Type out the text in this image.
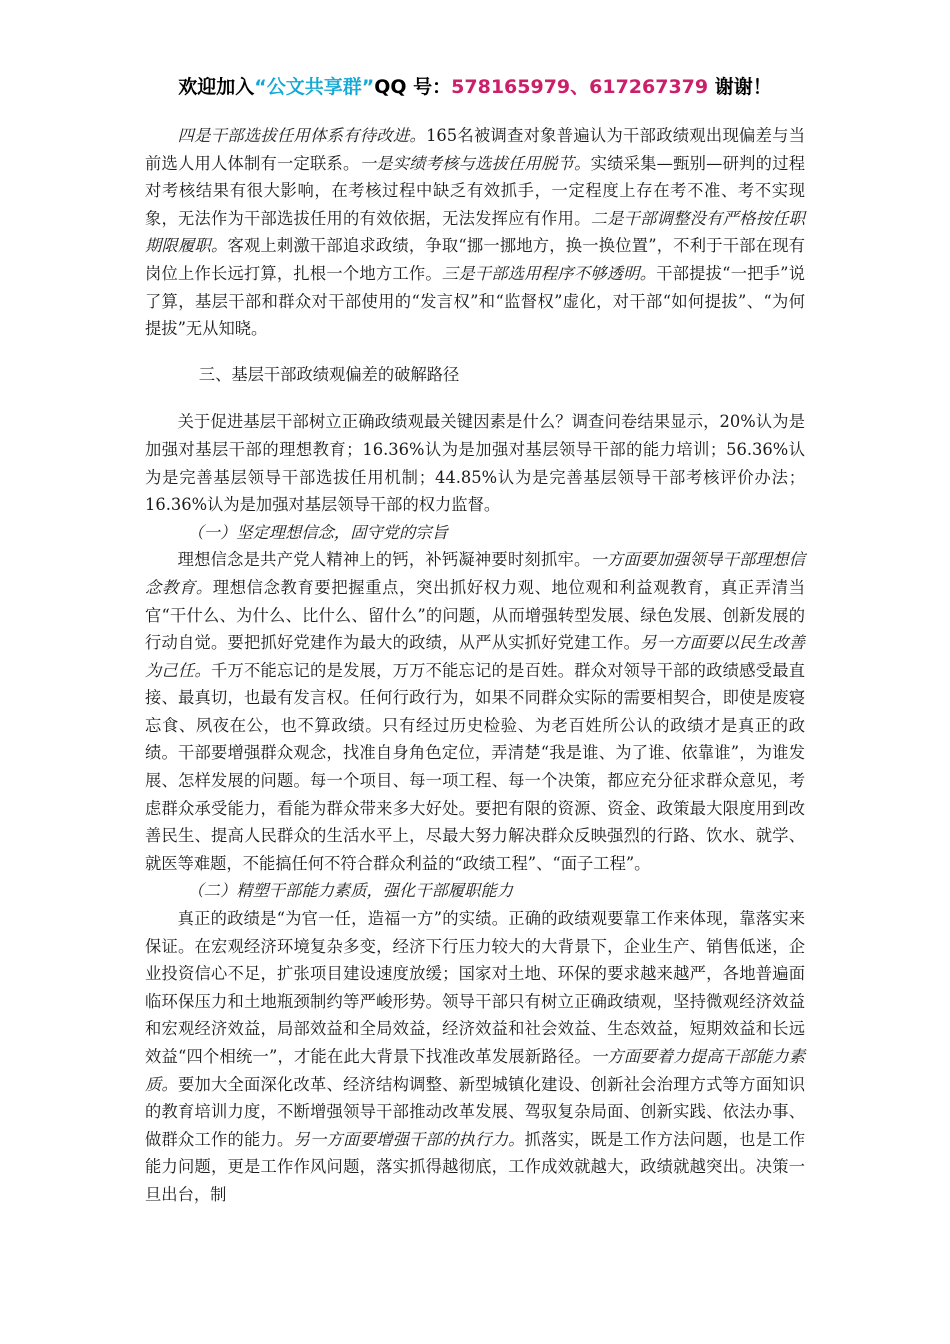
欢迎加入“公文共享群”QQ 号：578165979、617267379 谢谢！

四是干部选拔任用体系有待改进。165名被调查对象普遍认为干部政绩观出现偏差与当前选人用人体制有一定联系。一是实绩考核与选拔任用脱节。实绩采集—甄别—研判的过程对考核结果有很大影响，在考核过程中缺乏有效抓手，一定程度上存在考不准、考不实现象，无法作为干部选拔任用的有效依据，无法发挥应有作用。二是干部调整没有严格按任职期限履职。客观上刺激干部追求政绩，争取“挪一挪地方，换一换位置”，不利于干部在现有岗位上作长远打算，扎根一个地方工作。三是干部选用程序不够透明。干部提拔“一把手”说了算，基层干部和群众对干部使用的“发言权”和“监督权”虚化，对干部“如何提拔”、“为何提拔”无从知晓。

三、基层干部政绩观偏差的破解路径

关于促进基层干部树立正确政绩观最关键因素是什么？调查问卷结果显示，20%认为是加强对基层干部的理想教育；16.36%认为是加强对基层领导干部的能力培训；56.36%认为是完善基层领导干部选拔任用机制；44.85%认为是完善基层领导干部考核评价办法；16.36%认为是加强对基层领导干部的权力监督。

（一）坚定理想信念，固守党的宗旨

理想信念是共产党人精神上的钙，补钙凝神要时刻抓牢。一方面要加强领导干部理想信念教育。理想信念教育要把握重点，突出抓好权力观、地位观和利益观教育，真正弄清当官“干什么、为什么、比什么、留什么”的问题，从而增强转型发展、绿色发展、创新发展的行动自觉。要把抓好党建作为最大的政绩，从严从实抓好党建工作。另一方面要以民生改善为己任。千万不能忘记的是发展，万万不能忘记的是百姓。群众对领导干部的政绩感受最直接、最真切，也最有发言权。任何行政行为，如果不同群众实际的需要相契合，即使是废寝忘食、夙夜在公，也不算政绩。只有经过历史检验、为老百姓所公认的政绩才是真正的政绩。干部要增强群众观念，找准自身角色定位，弄清楚“我是谁、为了谁、依靠谁”，为谁发展、怎样发展的问题。每一个项目、每一项工程、每一个决策，都应充分征求群众意见，考虑群众承受能力，看能为群众带来多大好处。要把有限的资源、资金、政策最大限度用到改善民生、提高人民群众的生活水平上，尽最大努力解决群众反映强烈的行路、饮水、就学、就医等难题，不能搞任何不符合群众利益的“政绩工程”、“面子工程”。

（二）精塑干部能力素质，强化干部履职能力

真正的政绩是“为官一任，造福一方”的实绩。正确的政绩观要靠工作来体现，靠落实来保证。在宏观经济环境复杂多变，经济下行压力较大的大背景下，企业生产、销售低迷，企业投资信心不足，扩张项目建设速度放缓；国家对土地、环保的要求越来越严，各地普遍面临环保压力和土地瓶颈制约等严峻形势。领导干部只有树立正确政绩观，坚持微观经济效益和宏观经济效益，局部效益和全局效益，经济效益和社会效益、生态效益，短期效益和长远效益“四个相统一”，才能在此大背景下找准改革发展新路径。一方面要着力提高干部能力素质。要加大全面深化改革、经济结构调整、新型城镇化建设、创新社会治理方式等方面知识的教育培训力度，不断增强领导干部推动改革发展、驾驭复杂局面、创新实践、依法办事、做群众工作的能力。另一方面要增强干部的执行力。抓落实，既是工作方法问题，也是工作能力问题，更是工作作风问题，落实抓得越彻底，工作成效就越大，政绩就越突出。决策一旦出台，制
